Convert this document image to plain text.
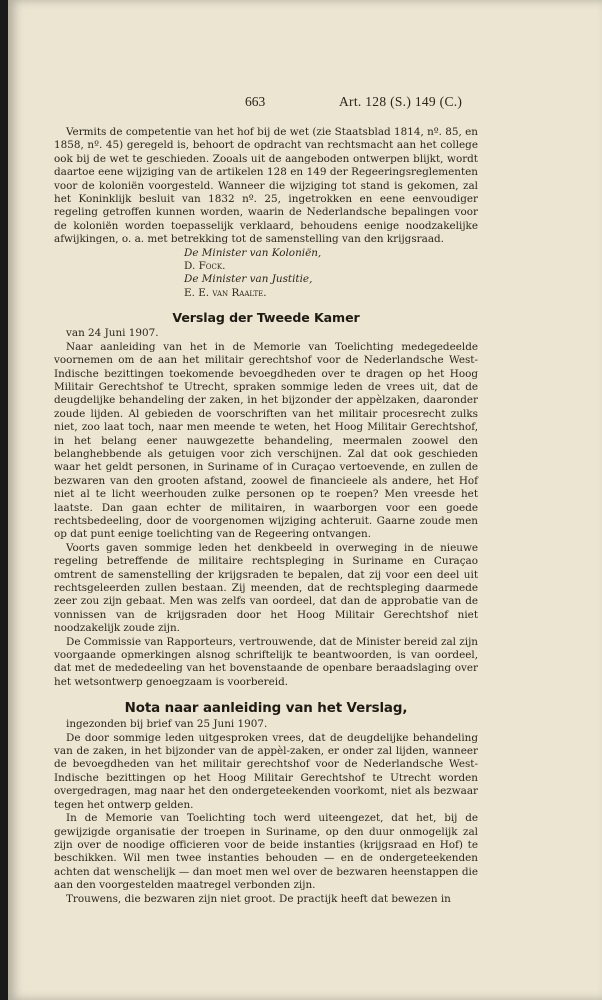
663	Art. 128 (S.) 149 (C.)

Vermits de competentie van het hof bij de wet (zie Staatsblad 1814, nº. 85, en 1858, nº. 45) geregeld is, behoort de opdracht van rechtsmacht aan het college ook bij de wet te geschieden. Zooals uit de aangeboden ontwerpen blijkt, wordt daartoe eene wijziging van de artikelen 128 en 149 der Regeeringsreglementen voor de koloniën voorgesteld. Wanneer die wijziging tot stand is gekomen, zal het Koninklijk besluit van 1832 nº. 25, ingetrokken en eene eenvoudiger regeling getroffen kunnen worden, waarin de Nederlandsche bepalingen voor de koloniën worden toepasselijk verklaard, behoudens eenige noodzakelijke afwijkingen, o. a. met betrekking tot de samenstelling van den krijgsraad.

De Minister van Koloniën,

D. Fock.

De Minister van Justitie,

E. E. van Raalte.

Verslag der Tweede Kamer

van 24 Juni 1907.

Naar aanleiding van het in de Memorie van Toelichting medegedeelde voornemen om de aan het militair gerechtshof voor de Nederlandsche West-Indische bezittingen toekomende bevoegdheden over te dragen op het Hoog Militair Gerechtshof te Utrecht, spraken sommige leden de vrees uit, dat de deugdelijke behandeling der zaken, in het bijzonder der appèlzaken, daaronder zoude lijden. Al gebieden de voorschriften van het militair procesrecht zulks niet, zoo laat toch, naar men meende te weten, het Hoog Militair Gerechtshof, in het belang eener nauwgezette behandeling, meermalen zoowel den belanghebbende als getuigen voor zich verschijnen. Zal dat ook geschieden waar het geldt personen, in Suriname of in Curaçao vertoevende, en zullen de bezwaren van den grooten afstand, zoowel de financieele als andere, het Hof niet al te licht weerhouden zulke personen op te roepen? Men vreesde het laatste. Dan gaan echter de militairen, in waarborgen voor een goede rechtsbedeeling, door de voorgenomen wijziging achteruit. Gaarne zoude men op dat punt eenige toelichting van de Regeering ontvangen.

Voorts gaven sommige leden het denkbeeld in overweging in de nieuwe regeling betreffende de militaire rechtspleging in Suriname en Curaçao omtrent de samenstelling der krijgsraden te bepalen, dat zij voor een deel uit rechtsgeleerden zullen bestaan. Zij meenden, dat de rechtspleging daarmede zeer zou zijn gebaat. Men was zelfs van oordeel, dat dan de approbatie van de vonnissen van de krijgsraden door het Hoog Militair Gerechtshof niet noodzakelijk zoude zijn.

De Commissie van Rapporteurs, vertrouwende, dat de Minister bereid zal zijn voorgaande opmerkingen alsnog schriftelijk te beantwoorden, is van oordeel, dat met de mededeeling van het bovenstaande de openbare beraadslaging over het wetsontwerp genoegzaam is voorbereid.

Nota naar aanleiding van het Verslag,

ingezonden bij brief van 25 Juni 1907.

De door sommige leden uitgesproken vrees, dat de deugdelijke behandeling van de zaken, in het bijzonder van de appèl-zaken, er onder zal lijden, wanneer de bevoegdheden van het militair gerechtshof voor de Nederlandsche West-Indische bezittingen op het Hoog Militair Gerechtshof te Utrecht worden overgedragen, mag naar het den ondergeteekenden voorkomt, niet als bezwaar tegen het ontwerp gelden.

In de Memorie van Toelichting toch werd uiteengezet, dat het, bij de gewijzigde organisatie der troepen in Suriname, op den duur onmogelijk zal zijn over de noodige officieren voor de beide instanties (krijgsraad en Hof) te beschikken. Wil men twee instanties behouden — en de ondergeteekenden achten dat wenschelijk — dan moet men wel over de bezwaren heenstappen die aan den voorgestelden maatregel verbonden zijn.

Trouwens, die bezwaren zijn niet groot. De practijk heeft dat bewezen in
